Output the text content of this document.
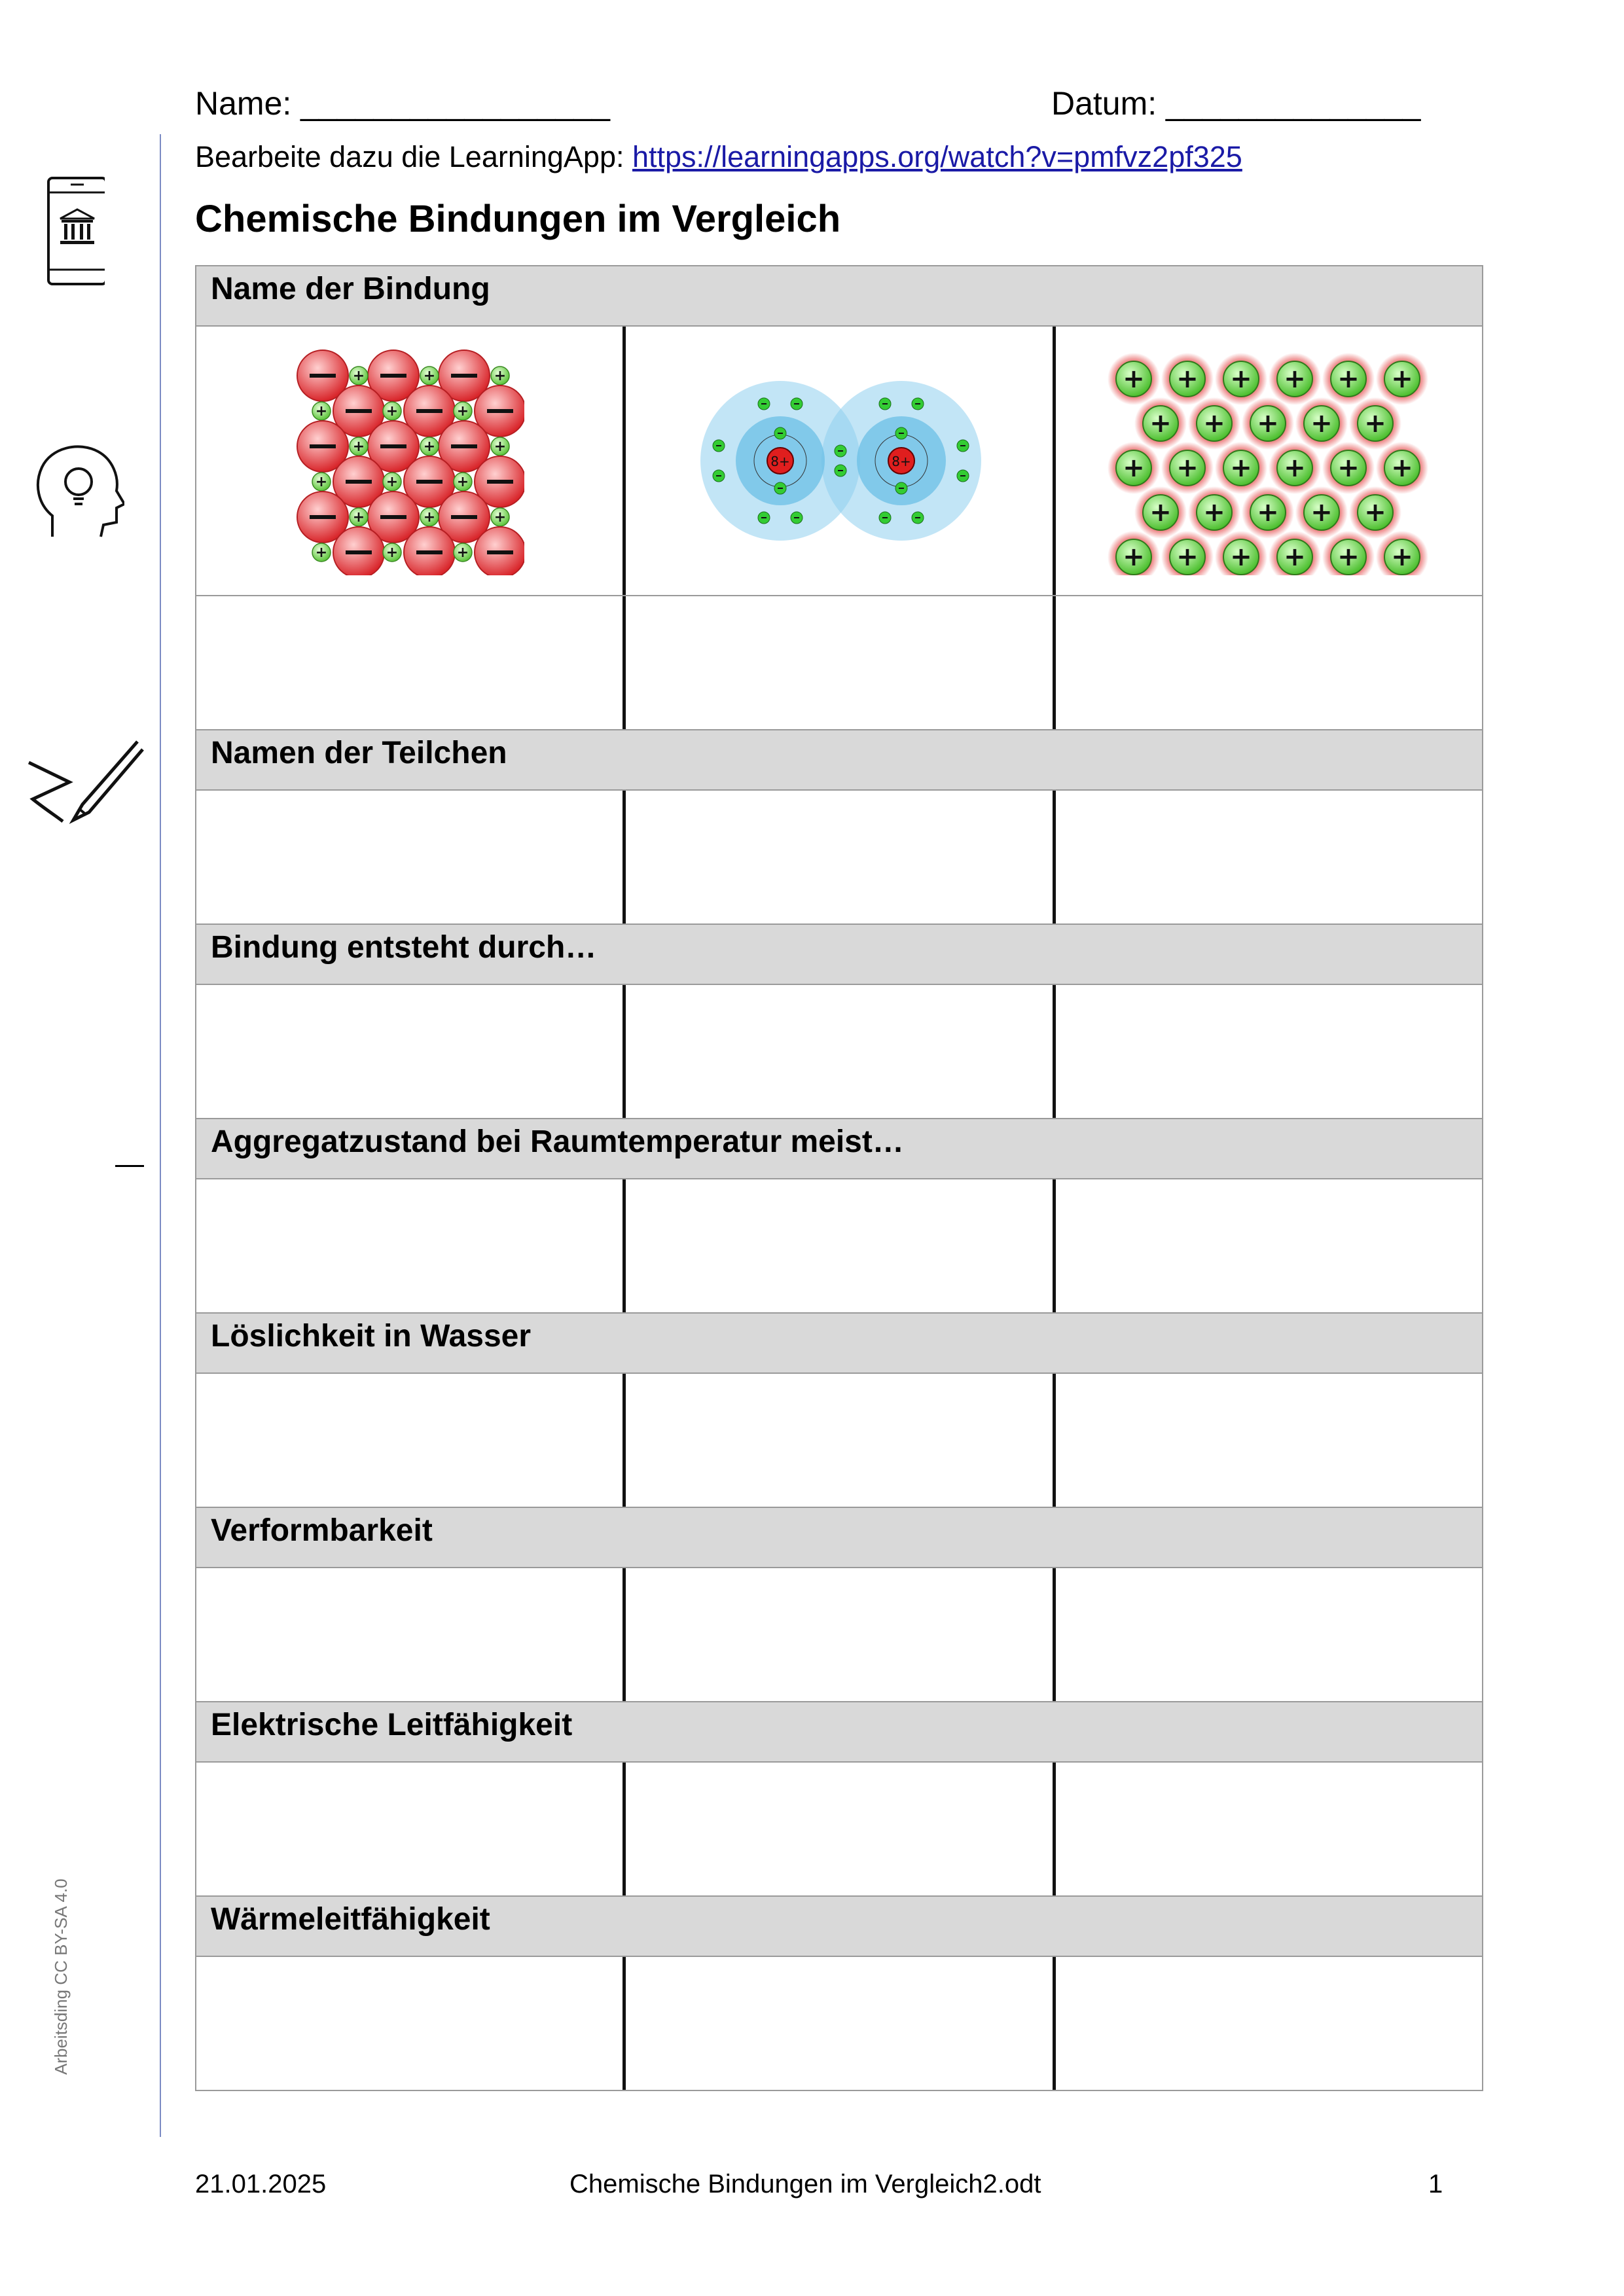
Name: _________________	Datum: ______________
Bearbeite dazu die LearningApp: https://learningapps.org/watch?v=pmfvz2pf325
Chemische Bindungen im Vergleich
Arbeitsding CC BY-SA 4.0
Name der Bindung
+	+	+
+	+	+
+	+	+
+	+	+
+	+	+
+	+	+
8+	8+
+ + + + + +
+ + + + +
+ + + + + +
+ + + + +
+ + + + + +
Namen der Teilchen
Bindung entsteht durch…
Aggregatzustand bei Raumtemperatur meist…
Löslichkeit in Wasser
Verformbarkeit
Elektrische Leitfähigkeit
Wärmeleitfähigkeit
21.01.2025	Chemische Bindungen im Vergleich2.odt	1
